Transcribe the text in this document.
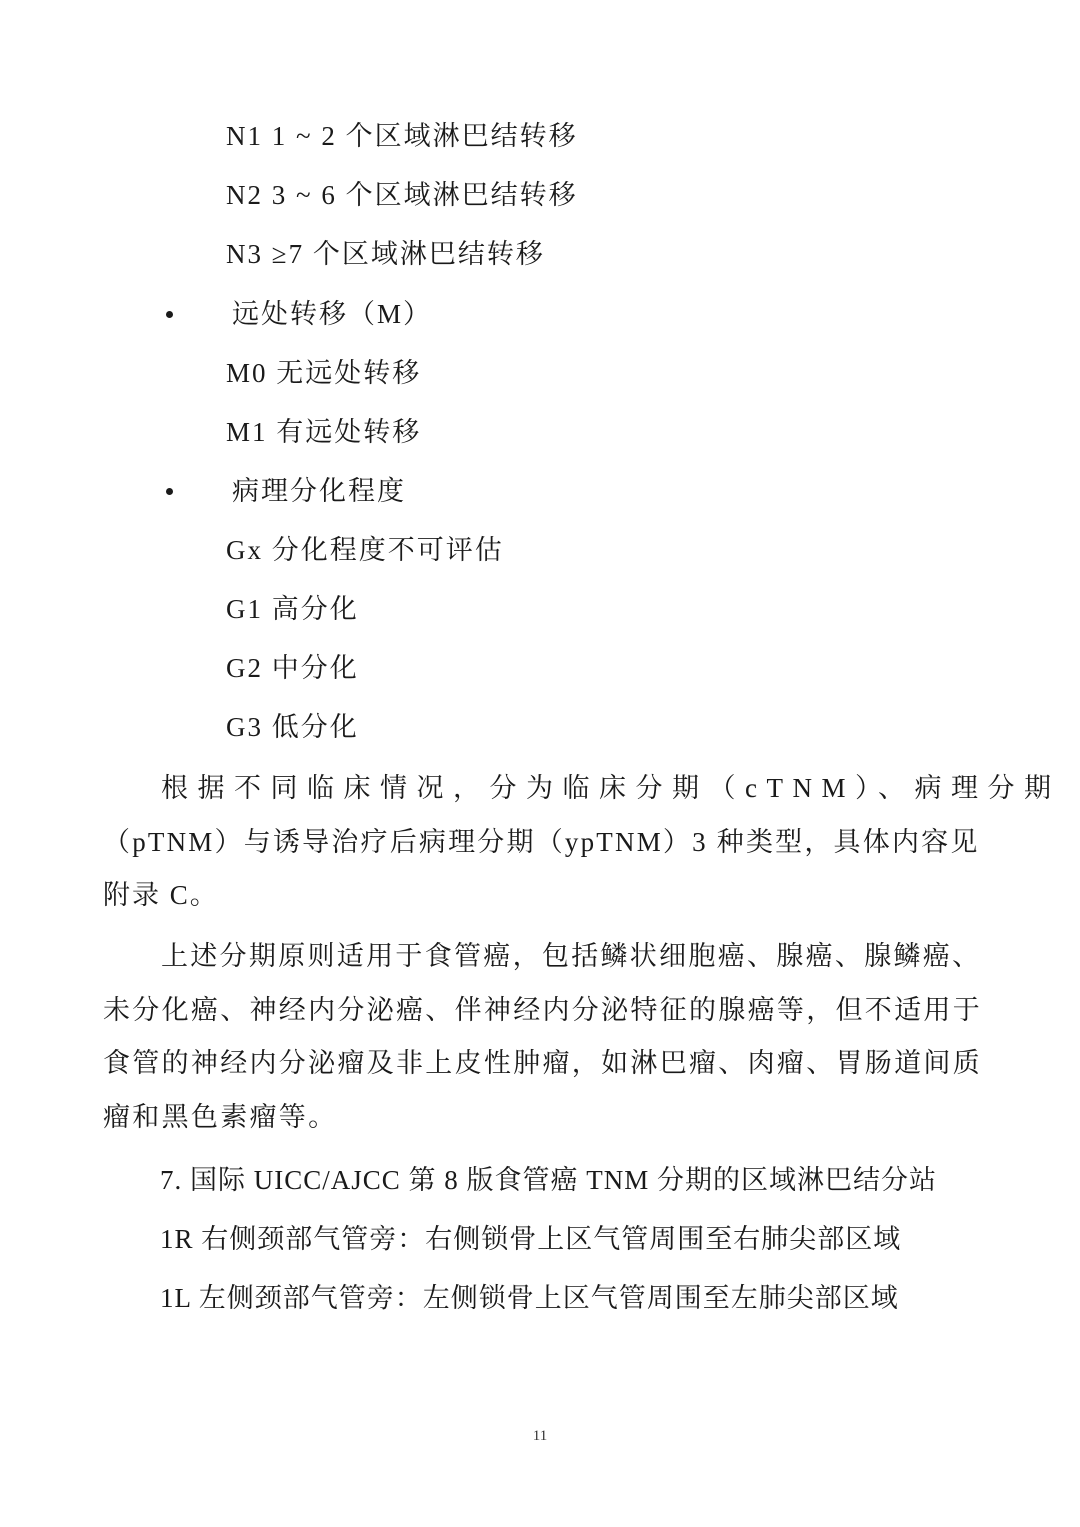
N1 1 ~ 2 个区域淋巴结转移
N2 3 ~ 6 个区域淋巴结转移
N3 ≥7 个区域淋巴结转移
远处转移（M）
M0 无远处转移
M1 有远处转移
病理分化程度
Gx 分化程度不可评估
G1 高分化
G2 中分化
G3 低分化
根据不同临床情况，分为临床分期（cTNM）、病理分期
（pTNM）与诱导治疗后病理分期（ypTNM）3 种类型，具体内容见
附录 C。
上述分期原则适用于食管癌，包括鳞状细胞癌、腺癌、腺鳞癌、
未分化癌、神经内分泌癌、伴神经内分泌特征的腺癌等，但不适用于
食管的神经内分泌瘤及非上皮性肿瘤，如淋巴瘤、肉瘤、胃肠道间质
瘤和黑色素瘤等。
7. 国际 UICC/AJCC 第 8 版食管癌 TNM 分期的区域淋巴结分站
1R 右侧颈部气管旁：右侧锁骨上区气管周围至右肺尖部区域
1L 左侧颈部气管旁：左侧锁骨上区气管周围至左肺尖部区域
11
